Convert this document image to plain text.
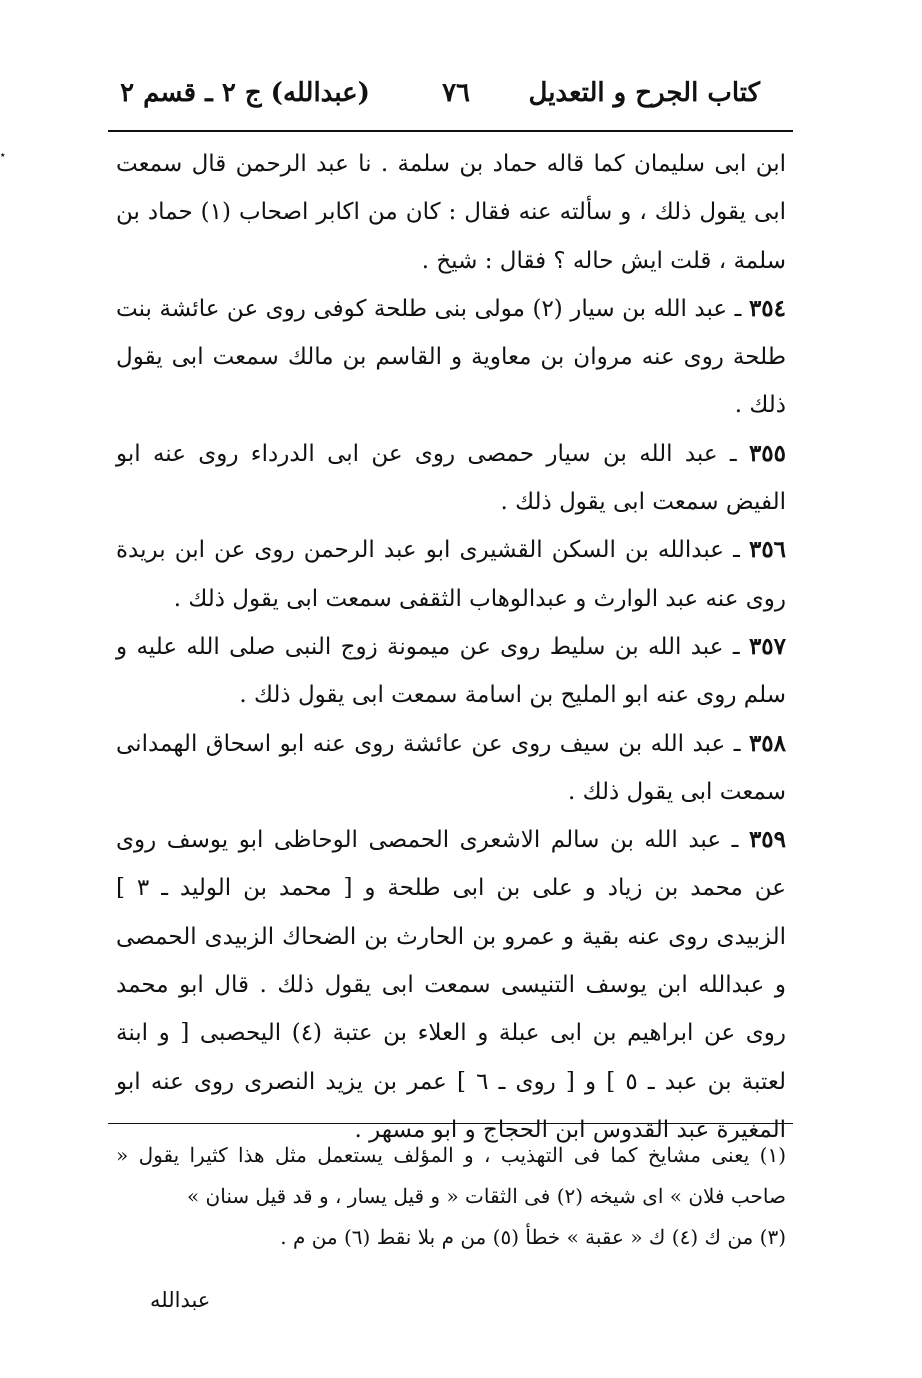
٭
كتاب الجرح و التعديل
٧٦
(عبدالله) ج ٢ ـ قسم ٢

ابن ابى سليمان كما قاله حماد بن سلمة . نا عبد الرحمن قال سمعت ابى يقول ذلك ، و سألته عنه فقال : كان من اكابر اصحاب (١) حماد بن سلمة ، قلت ايش حاله ؟ فقال : شيخ .

٣٥٤ ـ عبد الله بن سيار (٢) مولى بنى طلحة كوفى روى عن عائشة بنت طلحة روى عنه مروان بن معاوية و القاسم بن مالك سمعت ابى يقول ذلك .

٣٥٥ ـ عبد الله بن سيار حمصى روى عن ابى الدرداء روى عنه ابو الفيض سمعت ابى يقول ذلك .

٣٥٦ ـ عبدالله بن السكن القشيرى ابو عبد الرحمن روى عن ابن بريدة روى عنه عبد الوارث و عبدالوهاب الثقفى سمعت ابى يقول ذلك .

٣٥٧ ـ عبد الله بن سليط روى عن ميمونة زوج النبى صلى الله عليه و سلم روى عنه ابو المليح بن اسامة سمعت ابى يقول ذلك .

٣٥٨ ـ عبد الله بن سيف روى عن عائشة روى عنه ابو اسحاق الهمدانى سمعت ابى يقول ذلك .

٣٥٩ ـ عبد الله بن سالم الاشعرى الحمصى الوحاظى ابو يوسف روى عن محمد بن زياد و على بن ابى طلحة و [ محمد بن الوليد ـ ٣ ] الزبيدى روى عنه بقية و عمرو بن الحارث بن الضحاك الزبيدى الحمصى و عبدالله ابن يوسف التنيسى سمعت ابى يقول ذلك . قال ابو محمد روى عن ابراهيم بن ابى عبلة و العلاء بن عتبة (٤) اليحصبى [ و ابنة لعتبة بن عبد ـ ٥ ] و [ روى ـ ٦ ] عمر بن يزيد النصرى روى عنه ابو المغيرة عبد القدوس ابن الحجاج و ابو مسهر .

(١) يعنى مشايخ كما فى التهذيب ، و المؤلف يستعمل مثل هذا كثيرا يقول « صاحب فلان » اى شيخه (٢) فى الثقات « و قيل يسار ، و قد قيل سنان »

(٣) من ك (٤) ك « عقبة » خطأ (٥) من م بلا نقط (٦) من م .

عبدالله
